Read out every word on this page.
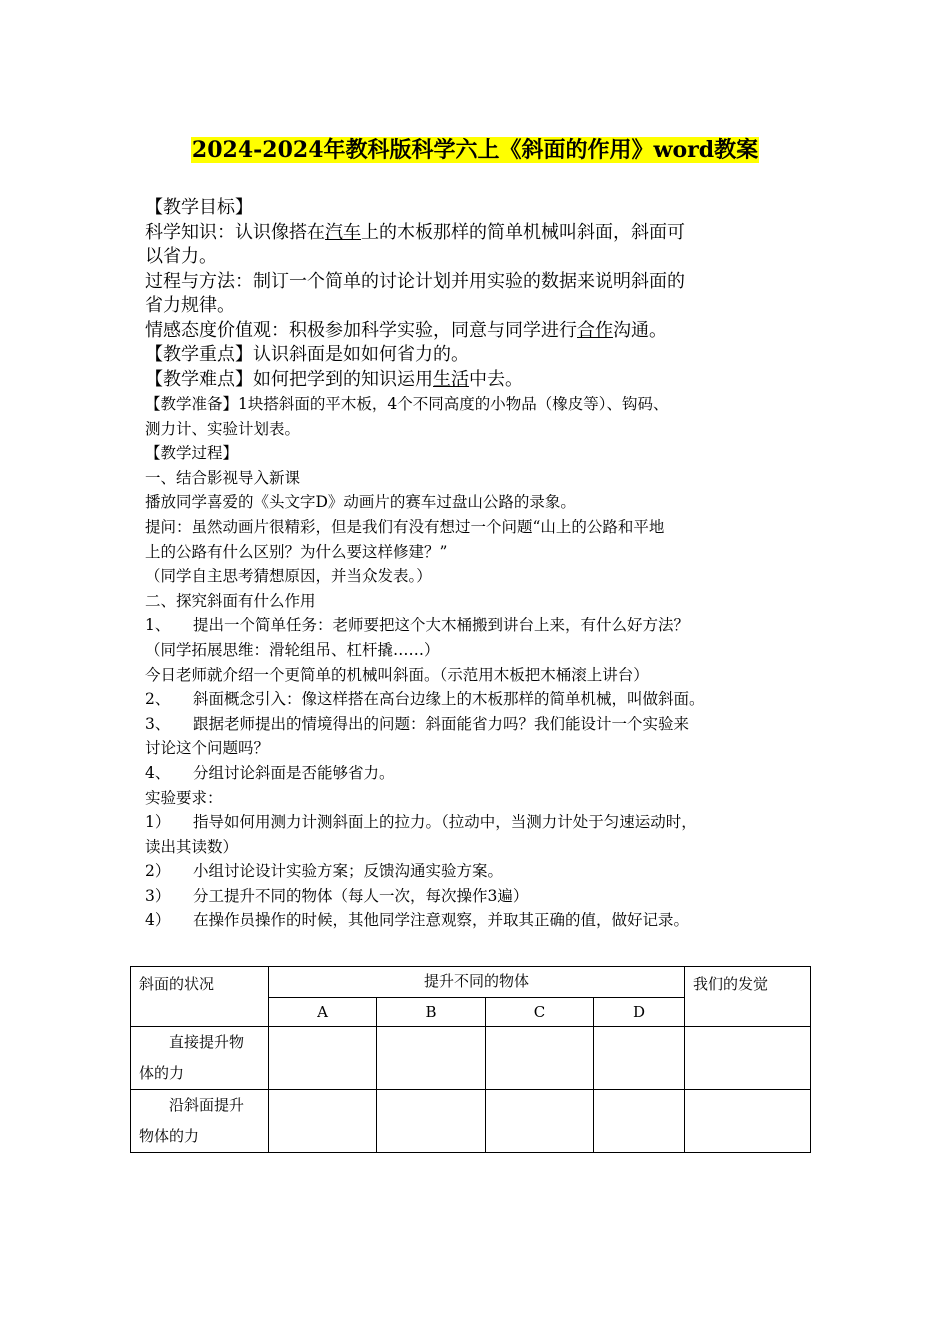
2024-2024年教科版科学六上《斜面的作用》word教案
【教学目标】
科学知识：认识像搭在汽车上的木板那样的简单机械叫斜面，斜面可
以省力。
过程与方法：制订一个简单的讨论计划并用实验的数据来说明斜面的
省力规律。
情感态度价值观：积极参加科学实验，同意与同学进行合作沟通。
【教学重点】认识斜面是如如何省力的。
【教学难点】如何把学到的知识运用生活中去。
【教学准备】1块搭斜面的平木板，4个不同高度的小物品（橡皮等）、钩码、
测力计、实验计划表。
【教学过程】
一、结合影视导入新课
播放同学喜爱的《头文字D》动画片的赛车过盘山公路的录象。
提问：虽然动画片很精彩，但是我们有没有想过一个问题“山上的公路和平地
上的公路有什么区别？为什么要这样修建？”
（同学自主思考猜想原因，并当众发表。）
二、探究斜面有什么作用
1、 提出一个简单任务：老师要把这个大木桶搬到讲台上来，有什么好方法？
（同学拓展思维：滑轮组吊、杠杆撬……）
今日老师就介绍一个更简单的机械叫斜面。（示范用木板把木桶滚上讲台）
2、 斜面概念引入：像这样搭在高台边缘上的木板那样的简单机械，叫做斜面。
3、 跟据老师提出的情境得出的问题：斜面能省力吗？我们能设计一个实验来
讨论这个问题吗？
4、 分组讨论斜面是否能够省力。
实验要求：
1） 指导如何用测力计测斜面上的拉力。（拉动中，当测力计处于匀速运动时，
读出其读数）
2） 小组讨论设计实验方案；反馈沟通实验方案。
3） 分工提升不同的物体（每人一次，每次操作3遍）
4） 在操作员操作的时候，其他同学注意观察，并取其正确的值，做好记录。
斜面的状况	提升不同的物体				我们的发觉

	A	B	C	D	

直接提升物
体的力					

沿斜面提升
物体的力					
